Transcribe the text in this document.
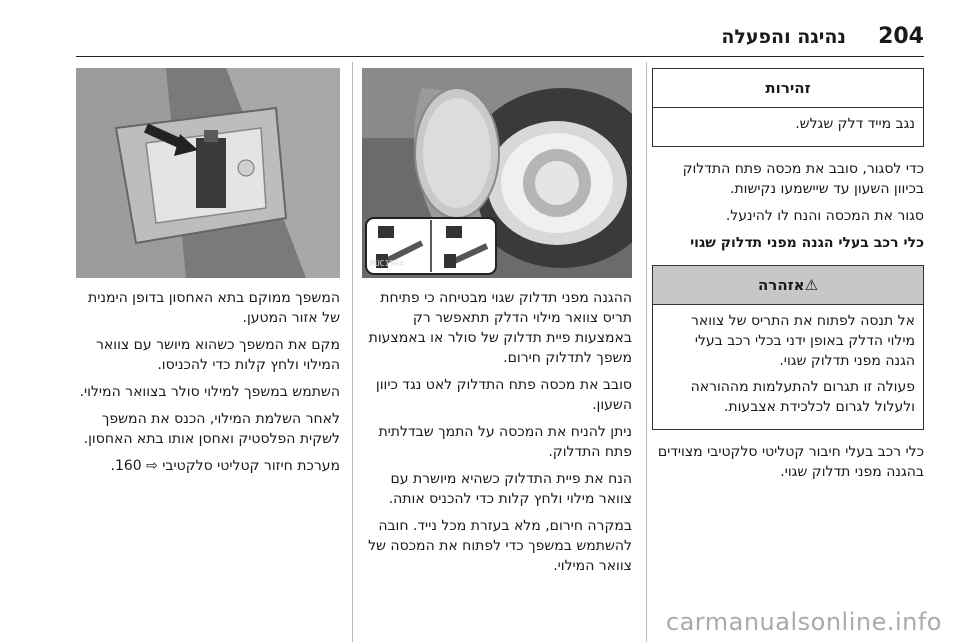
204
נהיגה והפעלה
זהירות

נגב מייד דלק שגלש.

כדי לסגור, סובב את מכסה פתח התדלוק בכיוון השעון עד שיישמעו נקישות.

סגור את המכסה והנח לו להינעל.

כלי רכב בעלי הגנה מפני תדלוק שגוי

⚠אזהרה

אל תנסה לפתוח את התריס של צוואר מילוי הדלק באופן ידני בכלי רכב בעלי הגנה מפני תדלוק שגוי.

פעולה זו תגרום להתעלמות מההוראה ולעלול לגרום לכלכידת אצבעות.

כלי רכב בעלי חיבור קטליטי סלקטיבי מצוידים בהגנה מפני תדלוק שגוי.

MUC1904

ההגנה מפני תדלוק שגוי מבטיחה כי פתיחת תריס צוואר מילוי הדלק תתאפשר רק באמצעות פיית תדלוק של סולר או באמצעות משפך לתדלוק חירום.

סובב את מכסה פתח התדלוק לאט נגד כיוון השעון.

ניתן להניח את המכסה על התמך שבדלתית פתח התדלוק.

הנח את פיית התדלוק כשהיא מיושרת עם צוואר מילוי ולחץ קלות כדי להכניס אותה.

במקרה חירום, מלא בעזרת מכל נייד. חובה להשתמש במשפך כדי לפתוח את המכסה של צוואר המילוי.

המשפך ממוקם בתא האחסון בדופן הימנית של אזור המטען.

מקם את המשפך כשהוא מיושר עם צוואר המילוי ולחץ קלות כדי להכניסו.

השתמש במשפך למילוי סולר בצוואר המילוי.

לאחר השלמת המילוי, הכנס את המשפך לשקית הפלסטיק ואחסן אותו בתא האחסון.

מערכת חיזור קטליטי סלקטיבי ⇨ 160.

carmanualsonline.info
